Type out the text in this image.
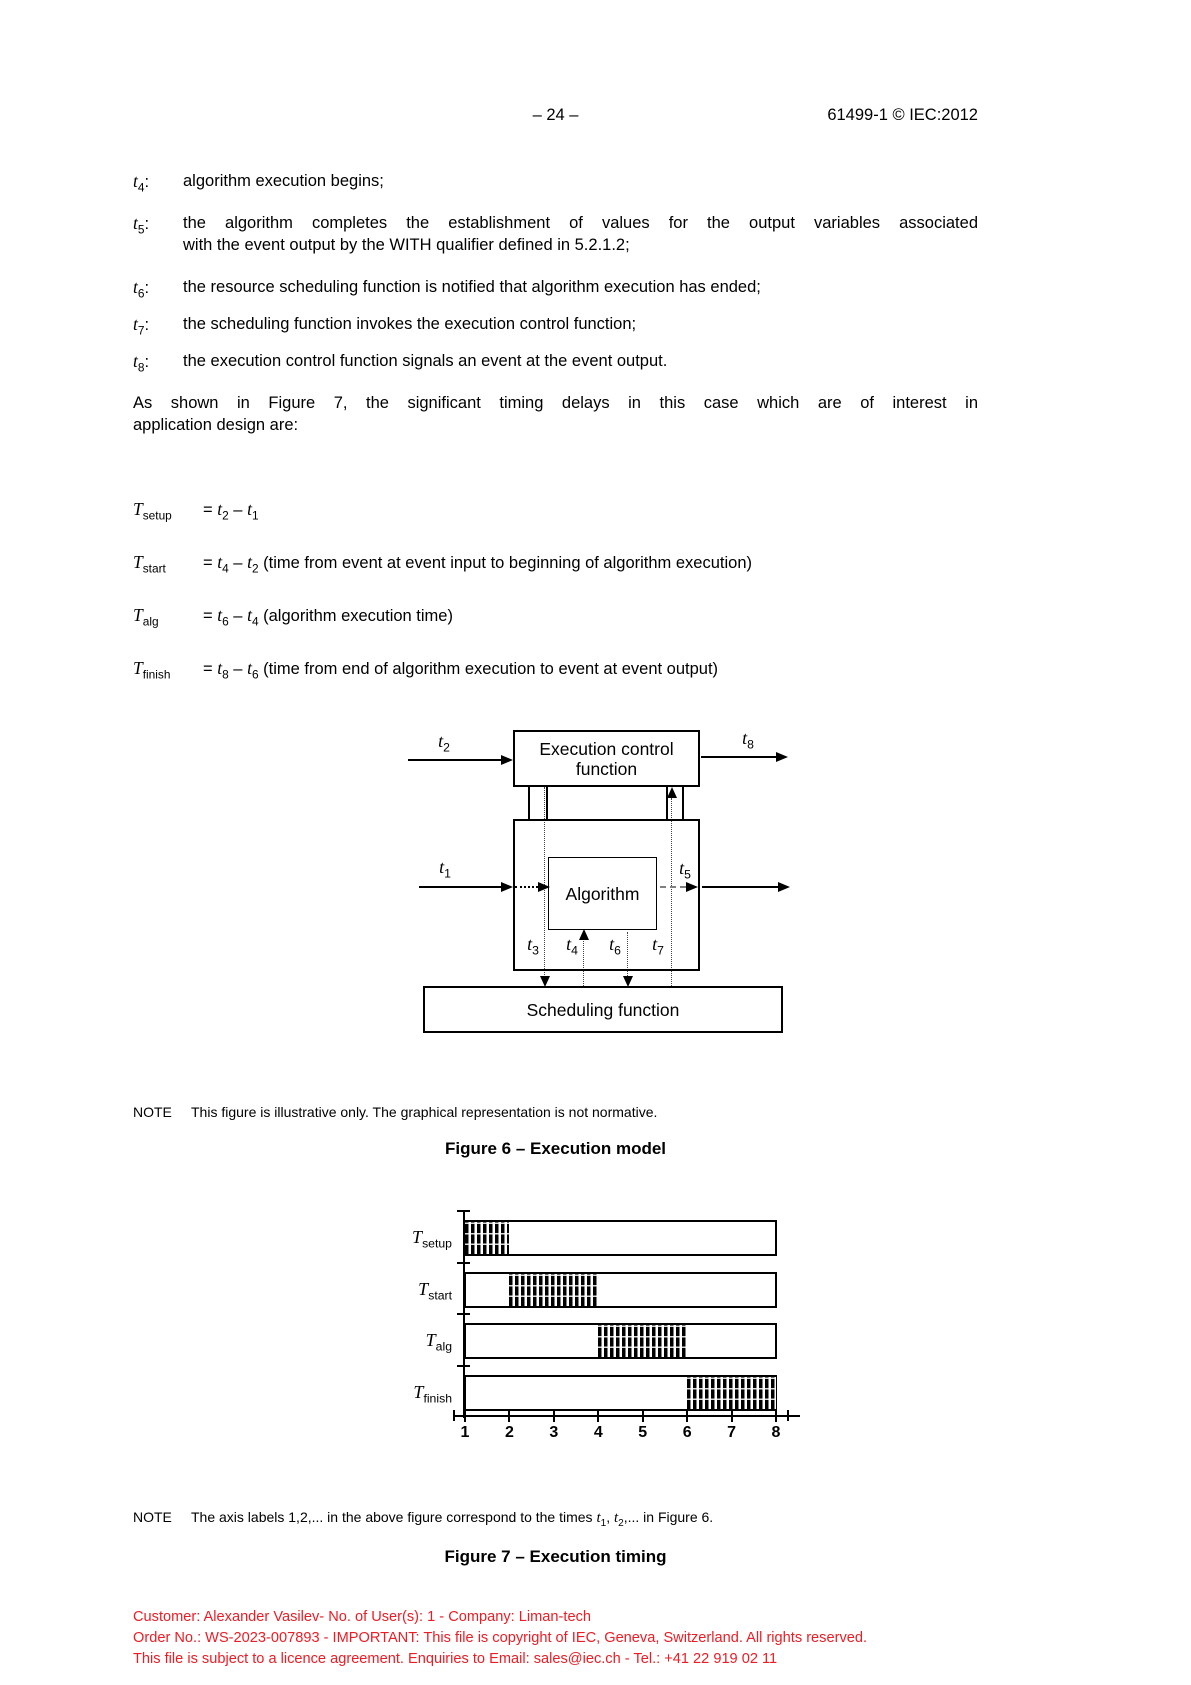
– 24 –	61499-1 © IEC:2012
$t_4$: algorithm execution begins;
$t_5$: the algorithm completes the establishment of values for the output variables associated
with the event output by the WITH qualifier defined in 5.2.1.2;
$t_6$: the resource scheduling function is notified that algorithm execution has ended;
$t_7$: the scheduling function invokes the execution control function;
$t_8$: the execution control function signals an event at the event output.
As shown in Figure 7, the significant timing delays in this case which are of interest in
application design are:
$T_{setup} = t_2 - t_1$
$T_{start} = t_4 - t_2$ (time from event at event input to beginning of algorithm execution)
$T_{alg}$	= $t_6 - t_4$ (algorithm execution time)
$T_{finish} = t_8 - t_6$ (time from end of algorithm execution to event at event output)
Execution control function
Algorithm
Scheduling function
$t_2$	$t_8$
$t_1$	$t_5$
$t_3$	$t_4$	$t_6$	$t_7$
NOTE This figure is illustrative only. The graphical representation is not normative.
Figure 6 – Execution model
$T_{setup}$
$T_{start}$
$T_{alg}$
$T_{finish}$
1	2	3	4	5	6	7	8
NOTE The axis labels 1,2,... in the above figure correspond to the times $t_1$, $t_2$,... in Figure 6.
Figure 7 – Execution timing
Customer: Alexander Vasilev- No. of User(s): 1 - Company: Liman-tech
Order No.: WS-2023-007893 - IMPORTANT: This file is copyright of IEC, Geneva, Switzerland. All rights reserved.
This file is subject to a licence agreement. Enquiries to Email: sales@iec.ch - Tel.: +41 22 919 02 11
